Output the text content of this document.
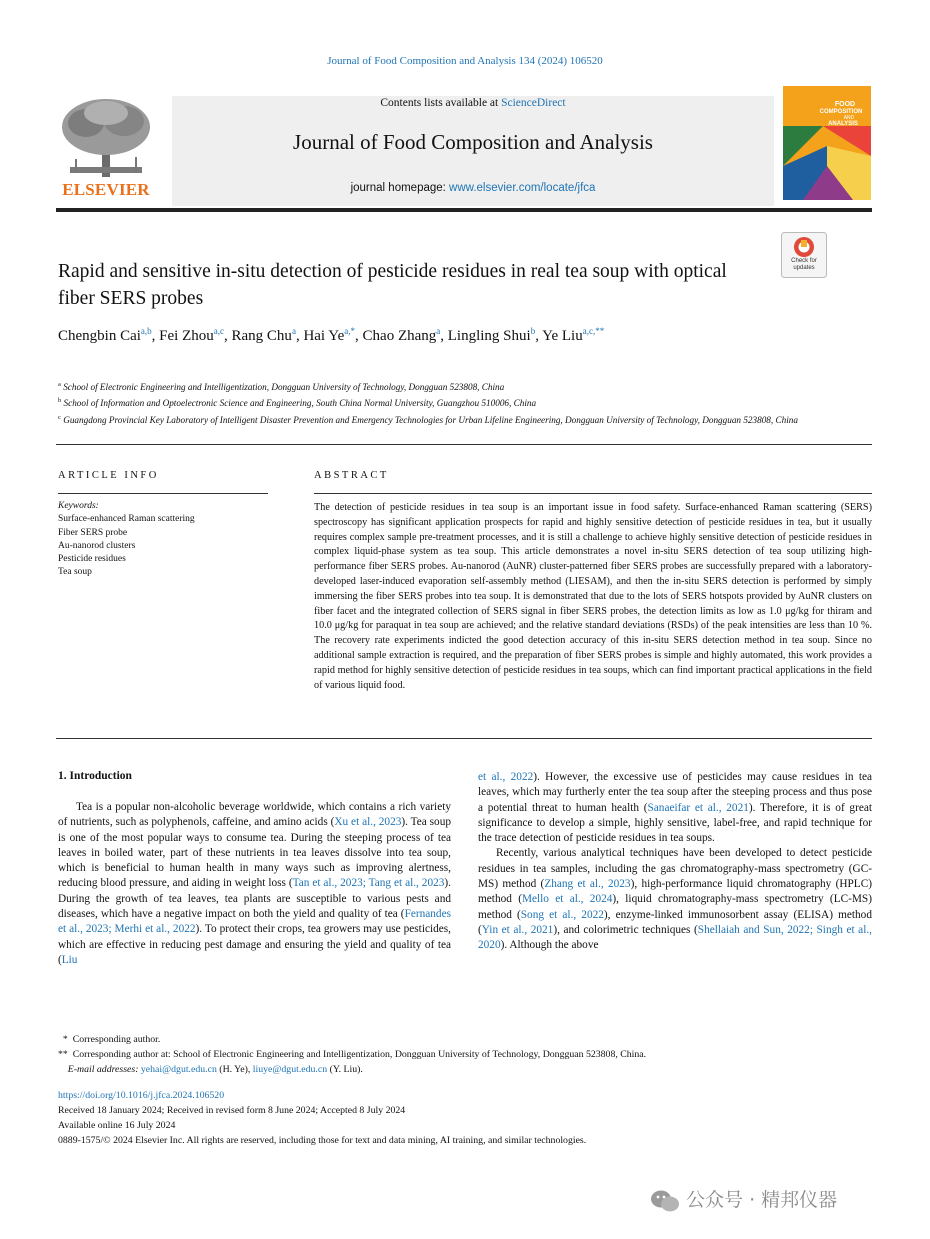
Journal of Food Composition and Analysis 134 (2024) 106520
ELSEVIER
Contents lists available at ScienceDirect
Journal of Food Composition and Analysis
journal homepage: www.elsevier.com/locate/jfca
FOOD
COMPOSITION
AND
ANALYSIS
Check for updates
Rapid and sensitive in-situ detection of pesticide residues in real tea soup with optical fiber SERS probes
Chengbin Cai$^{a,b}$, Fei Zhou$^{a,c}$, Rang Chu$^a$, Hai $Ye^{a,*}$, Chao Zhang$^a$, Lingling Shui$^b$, Ye Liu$^{a,c,**}$
$^a$ School of Electronic Engineering and Intelligentization, Dongguan University of Technology, Dongguan 523808, China
$^b$ School of Information and Optoelectronic Science and Engineering, South China Normal University, Guangzhou 510006, China
$^c$ Guangdong Provincial Key Laboratory of Intelligent Disaster Prevention and Emergency Technologies for Urban Lifeline Engineering, Dongguan University of Technology, Dongguan 523808, China
ARTICLE INFO
Keywords:
Surface-enhanced Raman scattering
Fiber SERS probe
Au-nanorod clusters
Pesticide residues
Tea soup
ABSTRACT
The detection of pesticide residues in tea soup is an important issue in food safety. Surface-enhanced Raman scattering (SERS) spectroscopy has significant application prospects for rapid and highly sensitive detection of pesticide residues in tea, but it usually requires complex sample pre-treatment processes, and it is still a challenge to achieve highly sensitive detection of pesticide residues in complex liquid-phase system as tea soup. This article demonstrates a novel in-situ SERS detection of tea soup utilizing high-performance fiber SERS probes. Au-nanorod (AuNR) cluster-patterned fiber SERS probes are successfully prepared with a laboratory-developed laser-induced evaporation self-assembly method (LIESAM), and then the in-situ SERS detection is performed by simply immersing the fiber SERS probes into tea soup. It is demonstrated that due to the lots of SERS hotspots provided by AuNR clusters on fiber facet and the integrated collection of SERS signal in fiber SERS probes, the detection limits as low as 1.0 μg/kg for thiram and 10.0 μg/kg for paraquat in tea soup are achieved; and the relative standard deviations (RSDs) of the peak intensities are less than 10 %. The recovery rate experiments indicted the good detection accuracy of this in-situ SERS detection method in tea soup. Since no additional sample extraction is required, and the preparation of fiber SERS probes is simple and highly automated, this work provides a rapid method for highly sensitive detection of pesticide residues in tea soups, which can find important practical applications in the field of various liquid food.
1. Introduction

Tea is a popular non-alcoholic beverage worldwide, which contains a rich variety of nutrients, such as polyphenols, caffeine, and amino acids (Xu et al., 2023). Tea soup is one of the most popular ways to consume tea. During the steeping process of tea leaves in boiled water, part of these nutrients in tea leaves dissolve into tea soup, which is beneficial to human health in many ways such as improving alertness, reducing blood pressure, and aiding in weight loss (Tan et al., 2023; Tang et al., 2023). During the growth of tea leaves, tea plants are susceptible to various pests and diseases, which have a negative impact on both the yield and quality of tea (Fernandes et al., 2023; Merhi et al., 2022). To protect their crops, tea growers may use pesticides, which are effective in reducing pest damage and ensuring the yield and quality of tea (Liu

et al., 2022). However, the excessive use of pesticides may cause residues in tea leaves, which may furtherly enter the tea soup after the steeping process and thus pose a potential threat to human health (Sanaeifar et al., 2021). Therefore, it is of great significance to develop a simple, highly sensitive, label-free, and rapid technique for the trace detection of pesticide residues in tea soups.

Recently, various analytical techniques have been developed to detect pesticide residues in tea samples, including the gas chromatography-mass spectrometry (GC-MS) method (Zhang et al., 2023), high-performance liquid chromatography (HPLC) method (Mello et al., 2024), liquid chromatography-mass spectrometry (LC-MS) method (Song et al., 2022), enzyme-linked immunosorbent assay (ELISA) method (Yin et al., 2021), and colorimetric techniques (Shellaiah and Sun, 2022; Singh et al., 2020). Although the above

* Corresponding author.
** Corresponding author at: School of Electronic Engineering and Intelligentization, Dongguan University of Technology, Dongguan 523808, China.
E-mail addresses: yehai@dgut.edu.cn (H. Ye), liuye@dgut.edu.cn (Y. Liu).
https://doi.org/10.1016/j.jfca.2024.106520
Received 18 January 2024; Received in revised form 8 June 2024; Accepted 8 July 2024
Available online 16 July 2024
0889-1575/© 2024 Elsevier Inc. All rights are reserved, including those for text and data mining, AI training, and similar technologies.
公众号 · 精邦仪器
